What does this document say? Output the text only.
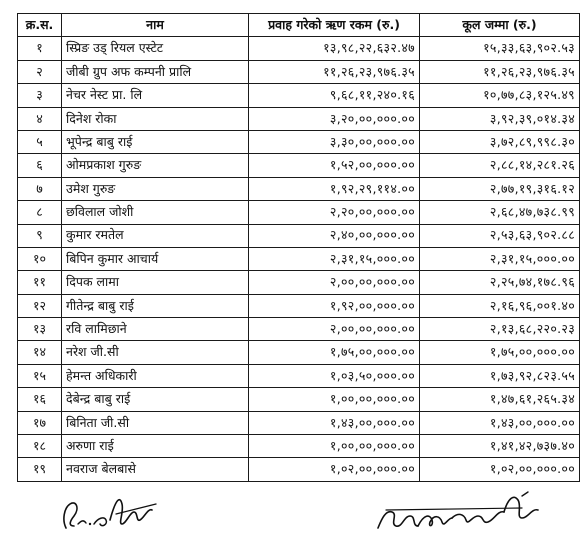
क्र.स.	नाम	प्रवाह गरेको ऋण रकम (रु.)	कूल जम्मा (रु.)
१	स्प्रिङ उड्‌ रियल एस्टेट	१३,९८,२२,६३२.४७	१५,३३,६३,९०२.५३
२	जीबी ग्रुप अफ कम्पनी प्रालि	११,२६,२३,९७६.३५	११,२६,२३,९७६.३५
३	नेचर नेस्ट प्रा. लि	९,६८,११,२४०.१६	१०,७७,८३,१२५.४९
४	दिनेश रोका	३,२०,००,०००.००	३,९२,३९,०१४.३४
५	भूपेन्द्र बाबु राई	३,३०,००,०००.००	३,७२,८९,९९८.३०
६	ओमप्रकाश गुरुङ	१,५२,००,०००.००	२,८८,१४,२८१.२६
७	उमेश गुरुङ	१,९२,२९,११४.००	२,७७,१९,३१६.१२
८	छविलाल जोशी	२,२०,००,०००.००	२,६८,४७,७३८.९९
९	कुमार रमतेल	२,४०,००,०००.००	२,५३,६३,९०२.८८
१०	बिपिन कुमार आचार्य	२,३१,१५,०००.००	२,३१,१५,०००.००
११	दिपक लामा	२,००,००,०००.००	२,२५,७४,१७८.९६
१२	गीतेन्द्र बाबु राई	१,९२,००,०००.००	२,१६,९६,००१.४०
१३	रवि लामिछाने	२,००,००,०००.००	२,१३,६८,२२०.२३
१४	नरेश जी.सी	१,७५,००,०००.००	१,७५,००,०००.००
१५	हेमन्त अधिकारी	१,०३,५०,०००.००	१,७३,९२,८२३.५५
१६	देबेन्द्र बाबु राई	१,००,००,०००.००	१,४७,६१,२६५.३४
१७	बिनिता जी.सी	१,४३,००,०००.००	१,४३,००,०००.००
१८	अरुणा राई	१,००,००,०००.००	१,४१,४२,७३७.४०
१९	नवराज बेलबासे	१,०२,००,०००.००	१,०२,००,०००.००
